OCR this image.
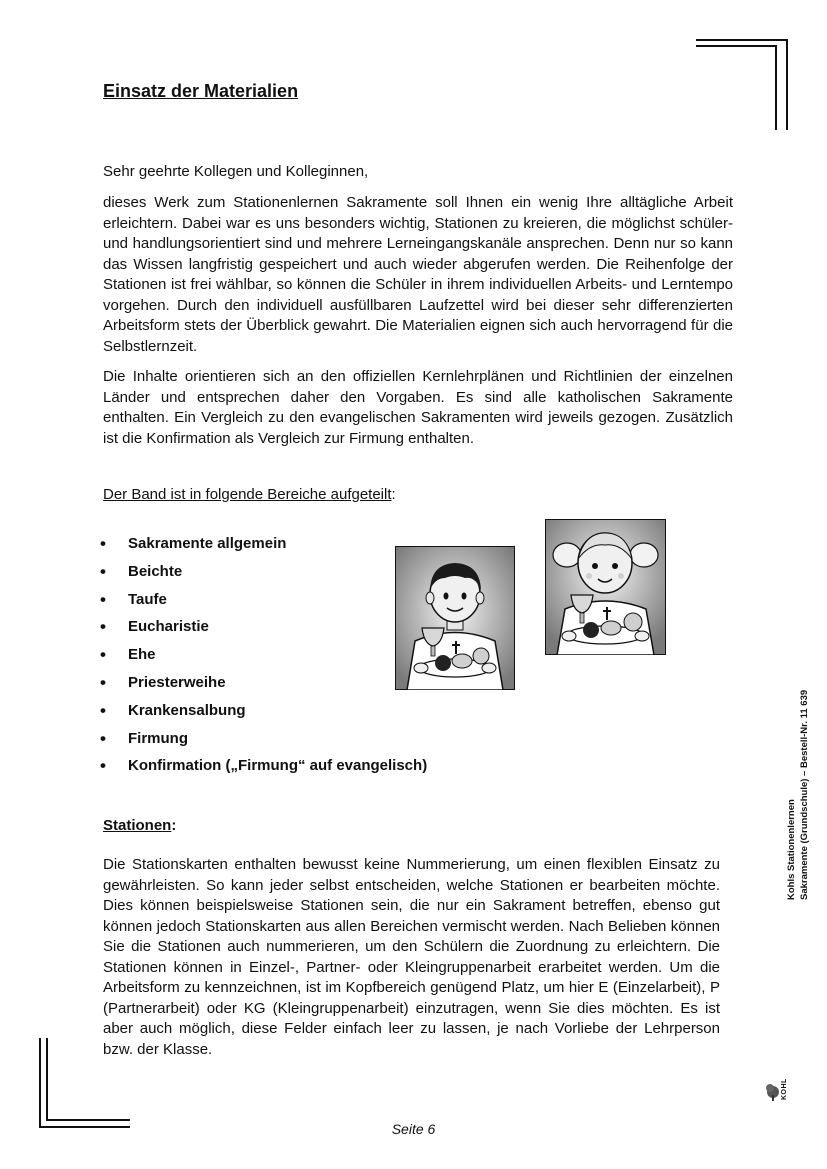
Einsatz der Materialien

Sehr geehrte Kollegen und Kolleginnen,

dieses Werk zum Stationenlernen Sakramente soll Ihnen ein wenig Ihre alltägliche Arbeit erleichtern. Dabei war es uns besonders wichtig, Stationen zu kreieren, die möglichst schüler- und handlungsorientiert sind und mehrere Lerneingangskanäle ansprechen. Denn nur so kann das Wissen langfristig gespeichert und auch wieder abgerufen werden. Die Reihenfolge der Stationen ist frei wählbar, so können die Schüler in ihrem individuellen Arbeits- und Lerntempo vorgehen. Durch den individuell ausfüllbaren Laufzettel wird bei dieser sehr differenzierten Arbeitsform stets der Überblick gewahrt. Die Materialien eignen sich auch hervorragend für die Selbstlernzeit.

Die Inhalte orientieren sich an den offiziellen Kernlehrplänen und Richtlinien der einzelnen Länder und entsprechen daher den Vorgaben. Es sind alle katholischen Sakramente enthalten. Ein Vergleich zu den evangelischen Sakramenten wird jeweils gezogen. Zusätzlich ist die Konfirmation als Vergleich zur Firmung enthalten.

Der Band ist in folgende Bereiche aufgeteilt:

• Sakramente allgemein
• Beichte
• Taufe
• Eucharistie
• Ehe
• Priesterweihe
• Krankensalbung
• Firmung
• Konfirmation („Firmung“ auf evangelisch)

Stationen:

Die Stationskarten enthalten bewusst keine Nummerierung, um einen flexiblen Einsatz zu gewährleisten. So kann jeder selbst entscheiden, welche Stationen er bearbeiten möchte. Dies können beispielsweise Stationen sein, die nur ein Sakrament betreffen, ebenso gut können jedoch Stationskarten aus allen Bereichen vermischt werden. Nach Belieben können Sie die Stationen auch nummerieren, um den Schülern die Zuordnung zu erleichtern. Die Stationen können in Einzel-, Partner- oder Kleingruppenarbeit erarbeitet werden. Um die Arbeitsform zu kennzeichnen, ist im Kopfbereich genügend Platz, um hier E (Einzelarbeit), P (Partnerarbeit) oder KG (Kleingruppenarbeit) einzutragen, wenn Sie dies möchten. Es ist aber auch möglich, diese Felder einfach leer zu lassen, je nach Vorliebe der Lehrperson bzw. der Klasse.

Seite 6

Kohls Stationenlernen Sakramente (Grundschule) – Bestell-Nr. 11 639
KOHL
